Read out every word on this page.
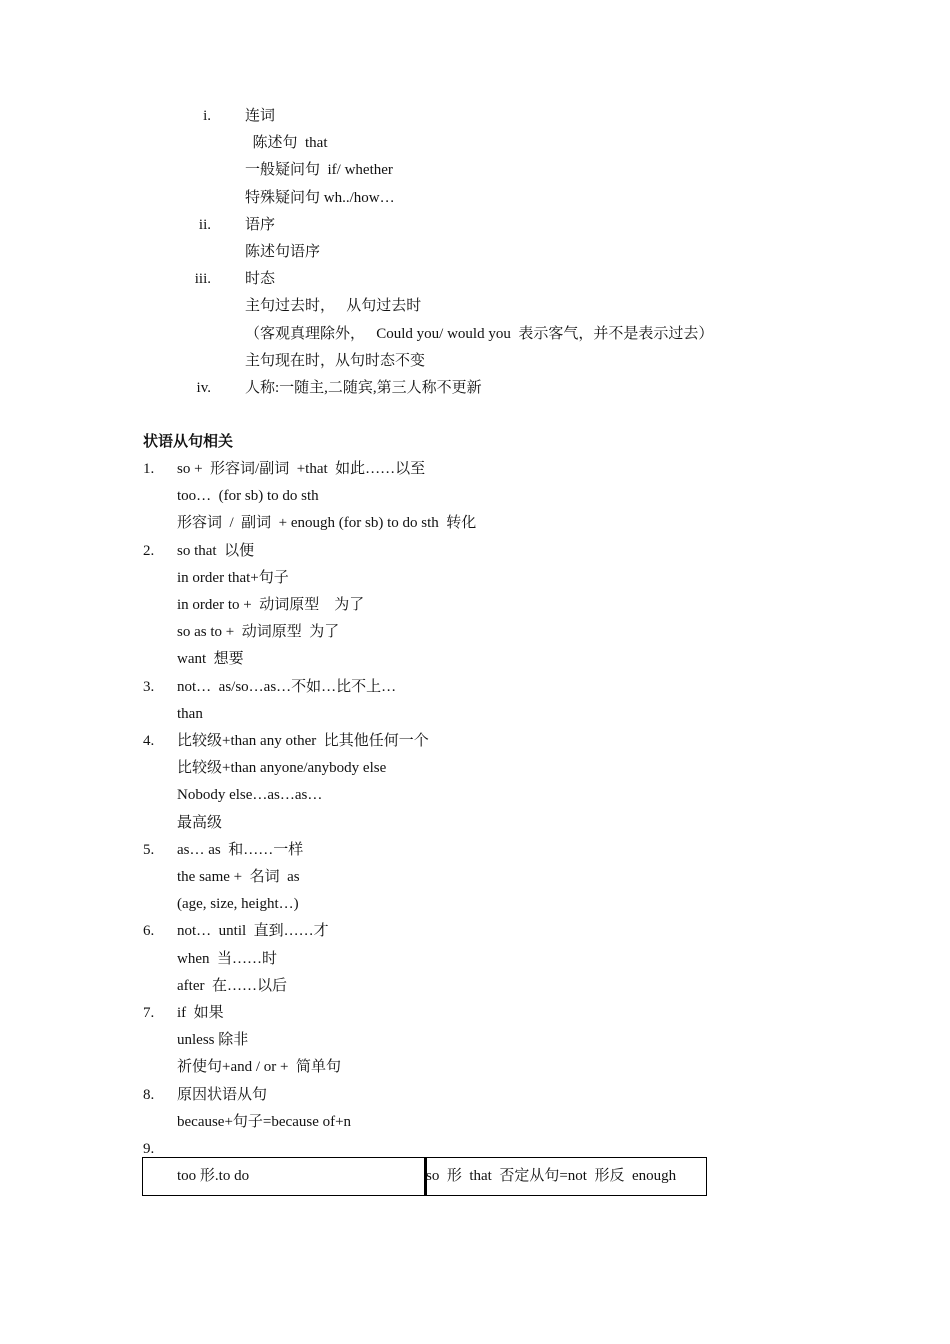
i. 连词
陈述句  that
一般疑问句  if/ whether
特殊疑问句 wh../how…
ii. 语序
陈述句语序
iii. 时态
主句过去时，   从句过去时
（客观真理除外，   Could you/ would you  表示客气，并不是表示过去）
主句现在时，从句时态不变
iv. 人称:一随主,二随宾,第三人称不更新
状语从句相关
1. so +  形容词/副词  +that  如此……以至
too…  (for sb) to do sth
形容词  /  副词  + enough (for sb) to do sth  转化
2. so that  以便
in order that+句子
in order to +  动词原型    为了
so as to +  动词原型  为了
want  想要
3. not…  as/so…as…不如…比不上…
than
4. 比较级+than any other  比其他任何一个
比较级+than anyone/anybody else
Nobody else…as…as…
最高级
5. as… as  和……一样
the same +  名词  as
(age, size, height…)
6. not…  until  直到……才
when  当……时
after  在……以后
7. if  如果
unless 除非
祈使句+and / or +  简单句
8. 原因状语从句
because+句子=because of+n
9.
too 形.to do	so  形  that  否定从句=not  形反  enough
